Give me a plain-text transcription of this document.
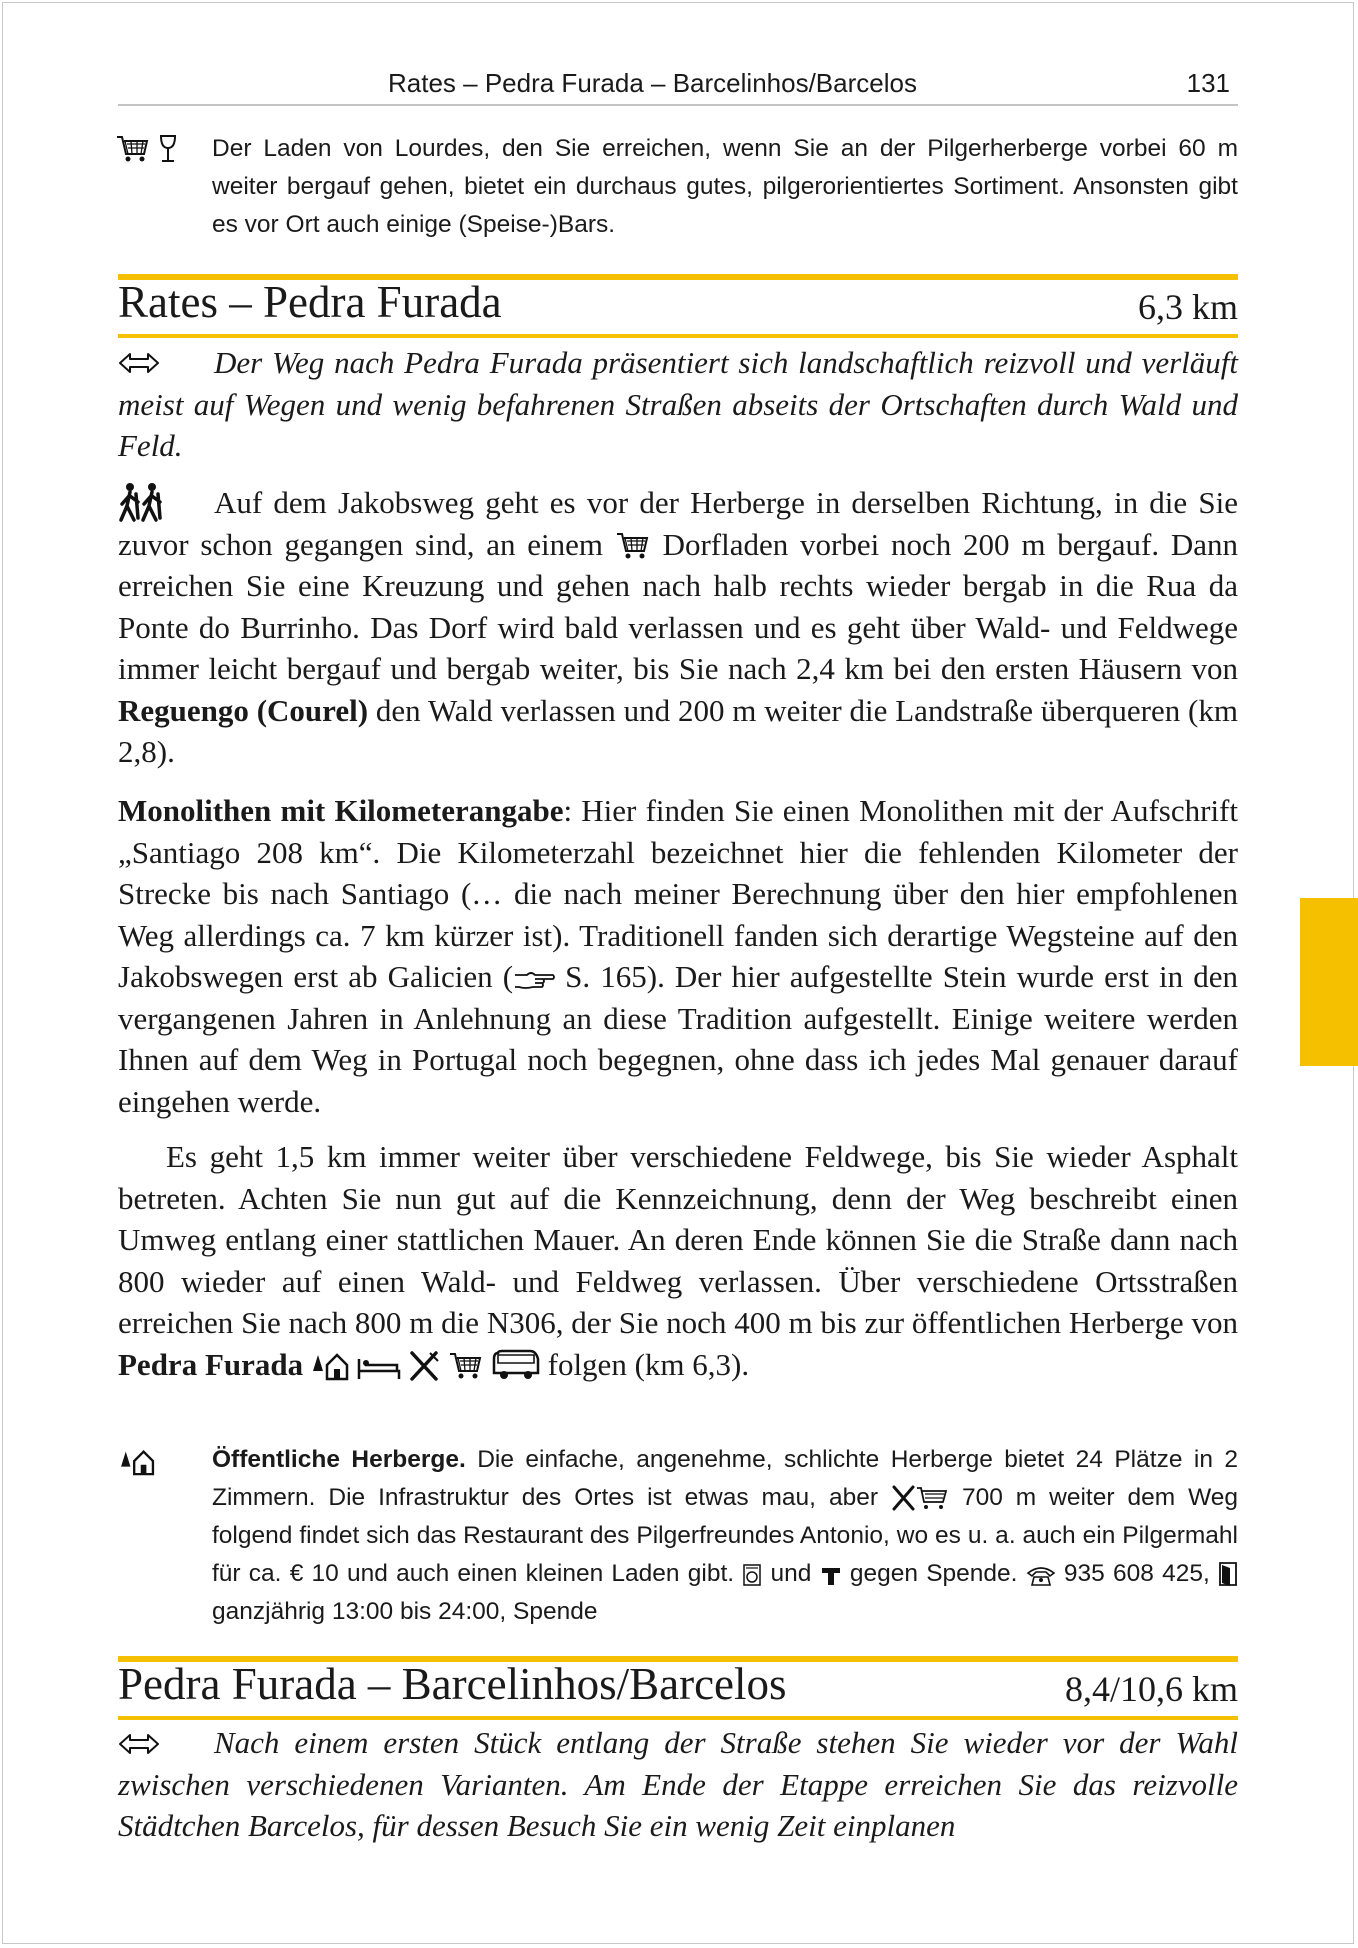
Rates – Pedra Furada – Barcelinhos/Barcelos	131
Der Laden von Lourdes, den Sie erreichen, wenn Sie an der Pilgerherberge vorbei 60 m weiter bergauf gehen, bietet ein durchaus gutes, pilgerorientiertes Sortiment. Ansonsten gibt es vor Ort auch einige (Speise-)Bars.
Rates – Pedra Furada	6,3 km
Der Weg nach Pedra Furada präsentiert sich landschaftlich reizvoll und verläuft meist auf Wegen und wenig befahrenen Straßen abseits der Ortschaften durch Wald und Feld.
Auf dem Jakobsweg geht es vor der Herberge in derselben Richtung, in die Sie zuvor schon gegangen sind, an einem Dorfladen vorbei noch 200 m bergauf. Dann erreichen Sie eine Kreuzung und gehen nach halb rechts wieder bergab in die Rua da Ponte do Burrinho. Das Dorf wird bald verlassen und es geht über Wald- und Feldwege immer leicht bergauf und bergab weiter, bis Sie nach 2,4 km bei den ersten Häusern von Reguengo (Courel) den Wald verlassen und 200 m weiter die Landstraße überqueren (km 2,8).
Monolithen mit Kilometerangabe: Hier finden Sie einen Monolithen mit der Aufschrift „Santiago 208 km“. Die Kilometerzahl bezeichnet hier die fehlenden Kilometer der Strecke bis nach Santiago (… die nach meiner Berechnung über den hier empfohlenen Weg allerdings ca. 7 km kürzer ist). Traditionell fanden sich derartige Wegsteine auf den Jakobswegen erst ab Galicien ( S. 165). Der hier aufgestellte Stein wurde erst in den vergangenen Jahren in Anlehnung an diese Tradition aufgestellt. Einige weitere werden Ihnen auf dem Weg in Portugal noch begegnen, ohne dass ich jedes Mal genauer darauf eingehen werde.
Es geht 1,5 km immer weiter über verschiedene Feldwege, bis Sie wieder Asphalt betreten. Achten Sie nun gut auf die Kennzeichnung, denn der Weg beschreibt einen Umweg entlang einer stattlichen Mauer. An deren Ende können Sie die Straße dann nach 800 wieder auf einen Wald- und Feldweg verlassen. Über verschiedene Ortsstraßen erreichen Sie nach 800 m die N306, der Sie noch 400 m bis zur öffentlichen Herberge von Pedra Furada	folgen (km 6,3).
Öffentliche Herberge. Die einfache, angenehme, schlichte Herberge bietet 24 Plätze in 2 Zimmern. Die Infrastruktur des Ortes ist etwas mau, aber	700 m weiter dem Weg folgend findet sich das Restaurant des Pilgerfreundes Antonio, wo es u. a. auch ein Pilgermahl für ca. € 10 und auch einen kleinen Laden gibt. und gegen Spende. 935 608 425,  ganzjährig 13:00 bis 24:00, Spende
Pedra Furada – Barcelinhos/Barcelos	8,4/10,6 km
Nach einem ersten Stück entlang der Straße stehen Sie wieder vor der Wahl zwischen verschiedenen Varianten. Am Ende der Etappe erreichen Sie das reizvolle Städtchen Barcelos, für dessen Besuch Sie ein wenig Zeit einplanen
